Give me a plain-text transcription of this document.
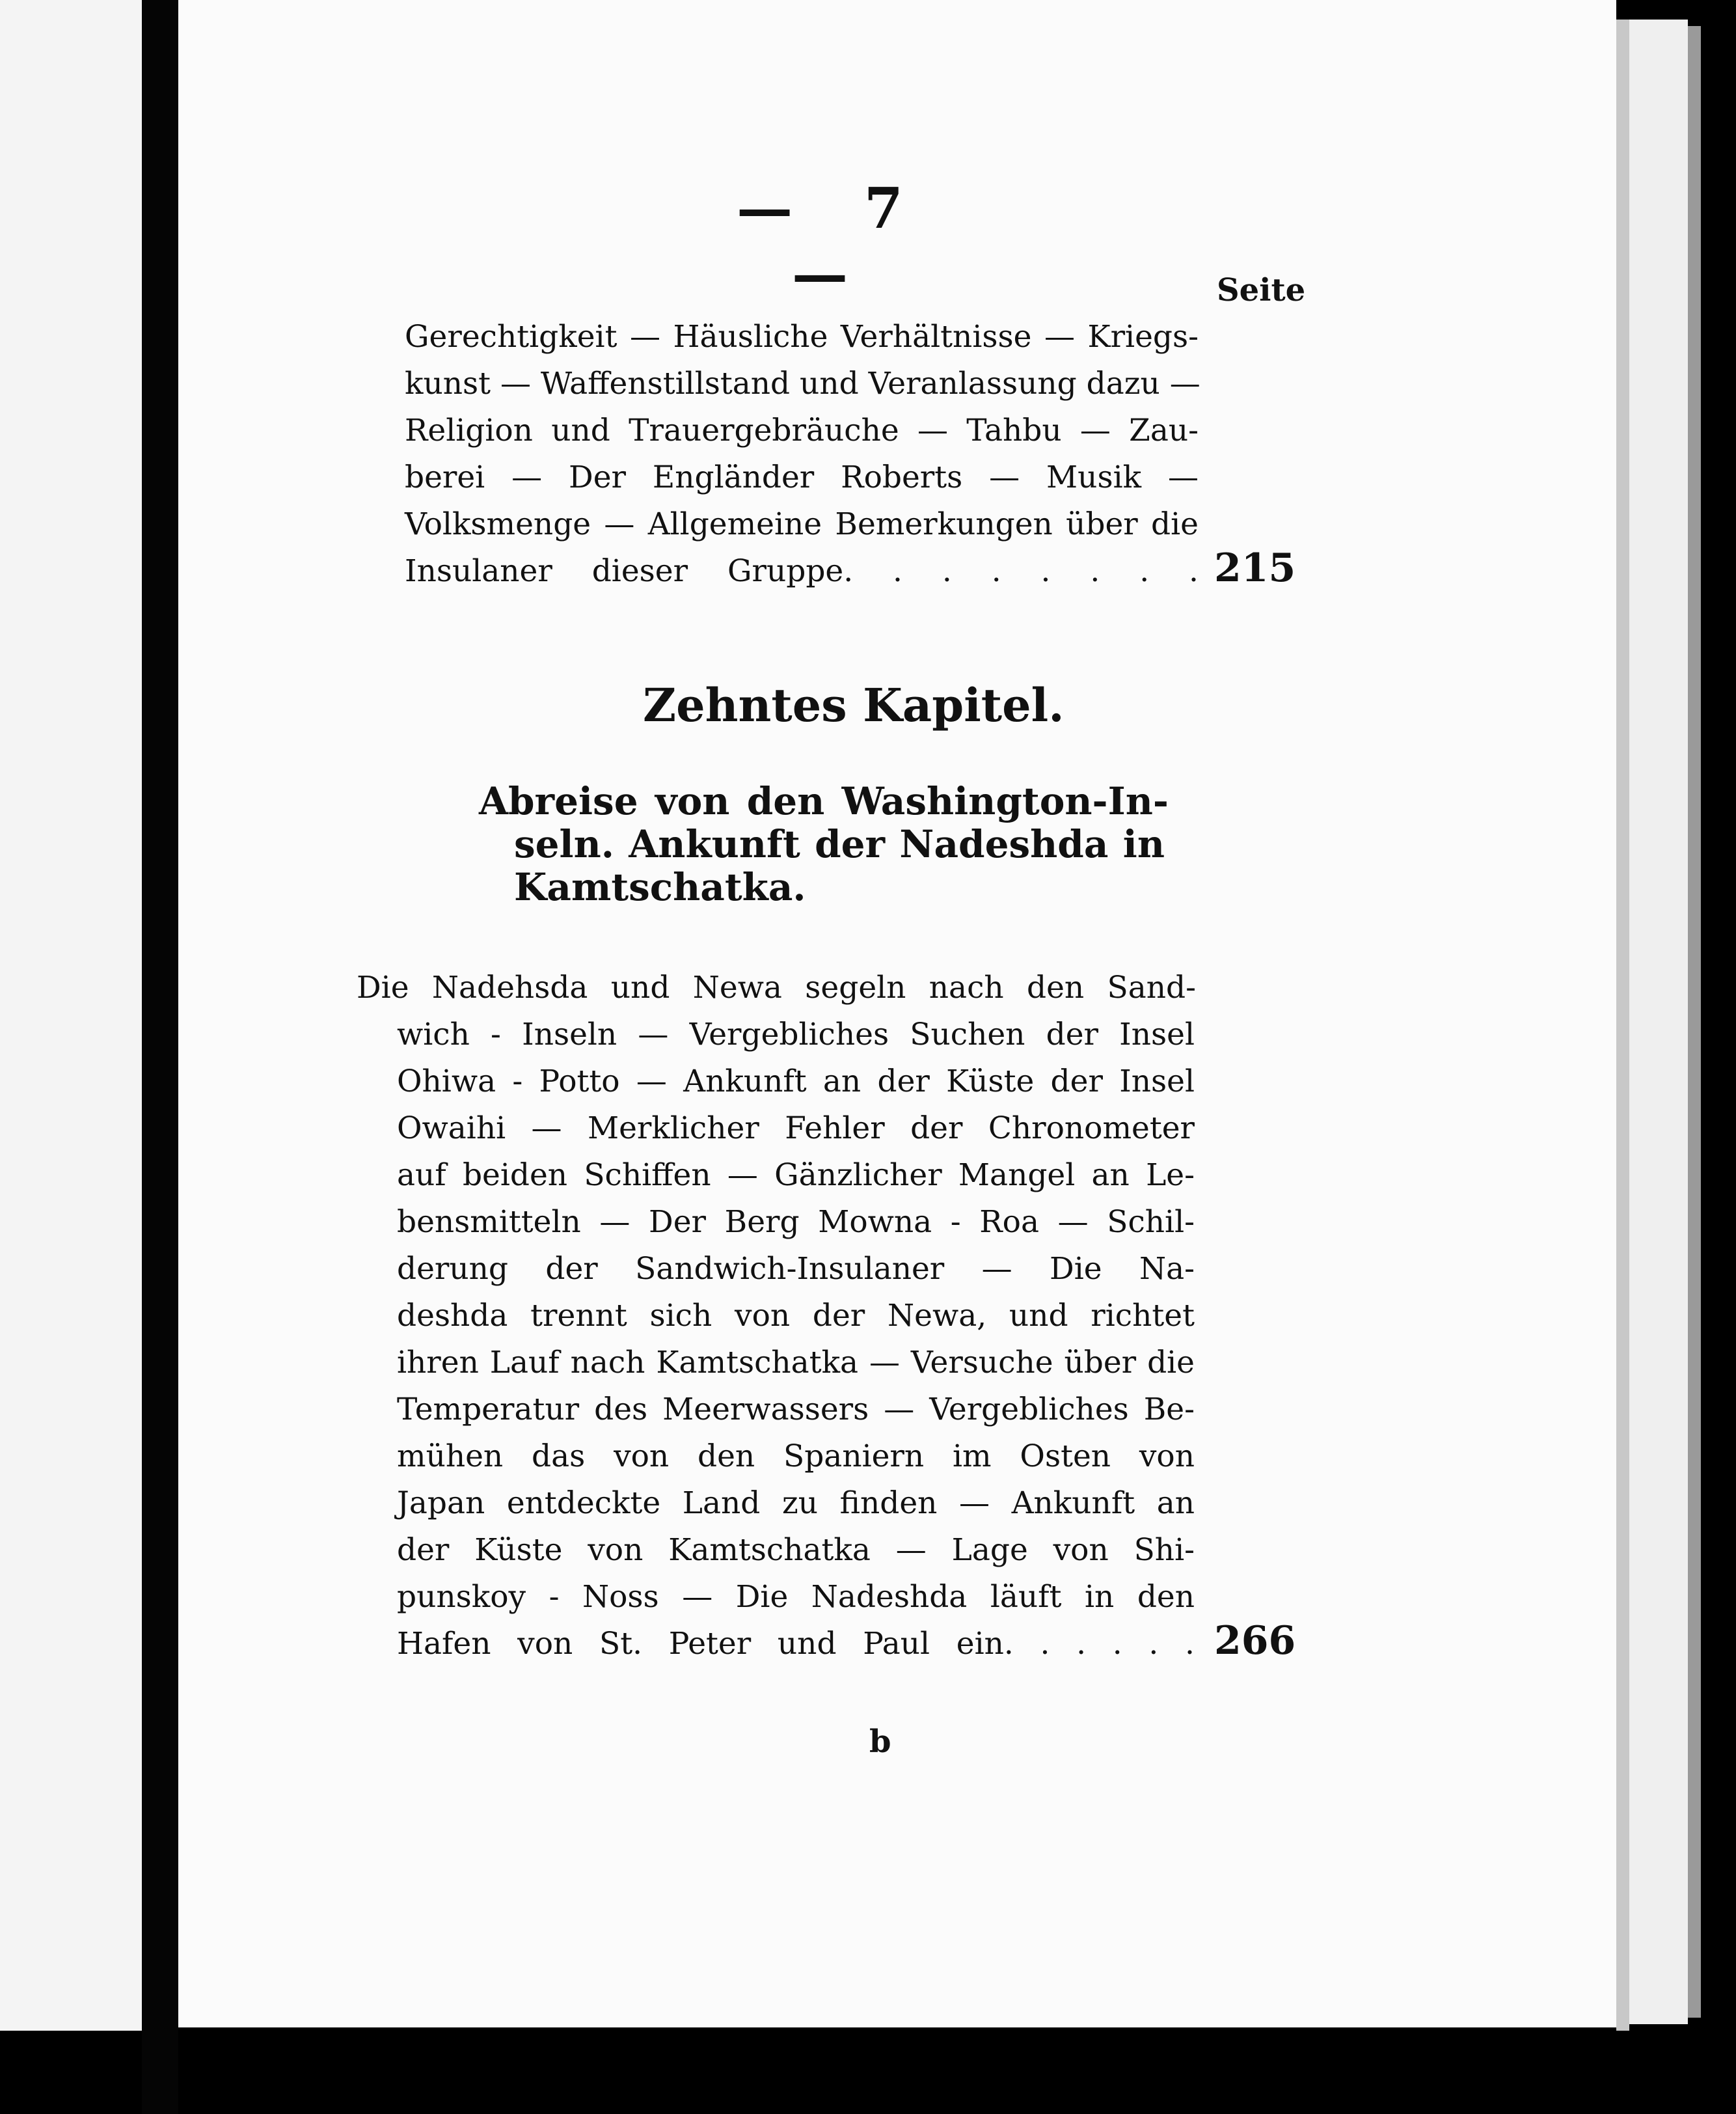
— 7 —	Seite
Gerechtigkeit — Häusliche Verhältnisse — Kriegs-
kunst — Waffenstillstand und Veranlassung dazu —
Religion und Trauergebräuche — Tahbu — Zau-
berei — Der Engländer Roberts — Musik —
Volksmenge — Allgemeine Bemerkungen über die
Insulaner dieser Gruppe. . . . . . . . 215
Zehntes Kapitel.
Abreise von den Washington-In-
seln. Ankunft der Nadeshda in
Kamtschatka.
Die Nadehsda und Newa segeln nach den Sand-
wich - Inseln — Vergebliches Suchen der Insel
Ohiwa - Potto — Ankunft an der Küste der Insel
Owaihi — Merklicher Fehler der Chronometer
auf beiden Schiffen — Gänzlicher Mangel an Le-
bensmitteln — Der Berg Mowna - Roa — Schil-
derung der Sandwich-Insulaner — Die Na-
deshda trennt sich von der Newa, und richtet
ihren Lauf nach Kamtschatka — Versuche über die
Temperatur des Meerwassers — Vergebliches Be-
mühen das von den Spaniern im Osten von
Japan entdeckte Land zu finden — Ankunft an
der Küste von Kamtschatka — Lage von Shi-
punskoy - Noss — Die Nadeshda läuft in den
Hafen von St. Peter und Paul ein. . . . . . 266
b
